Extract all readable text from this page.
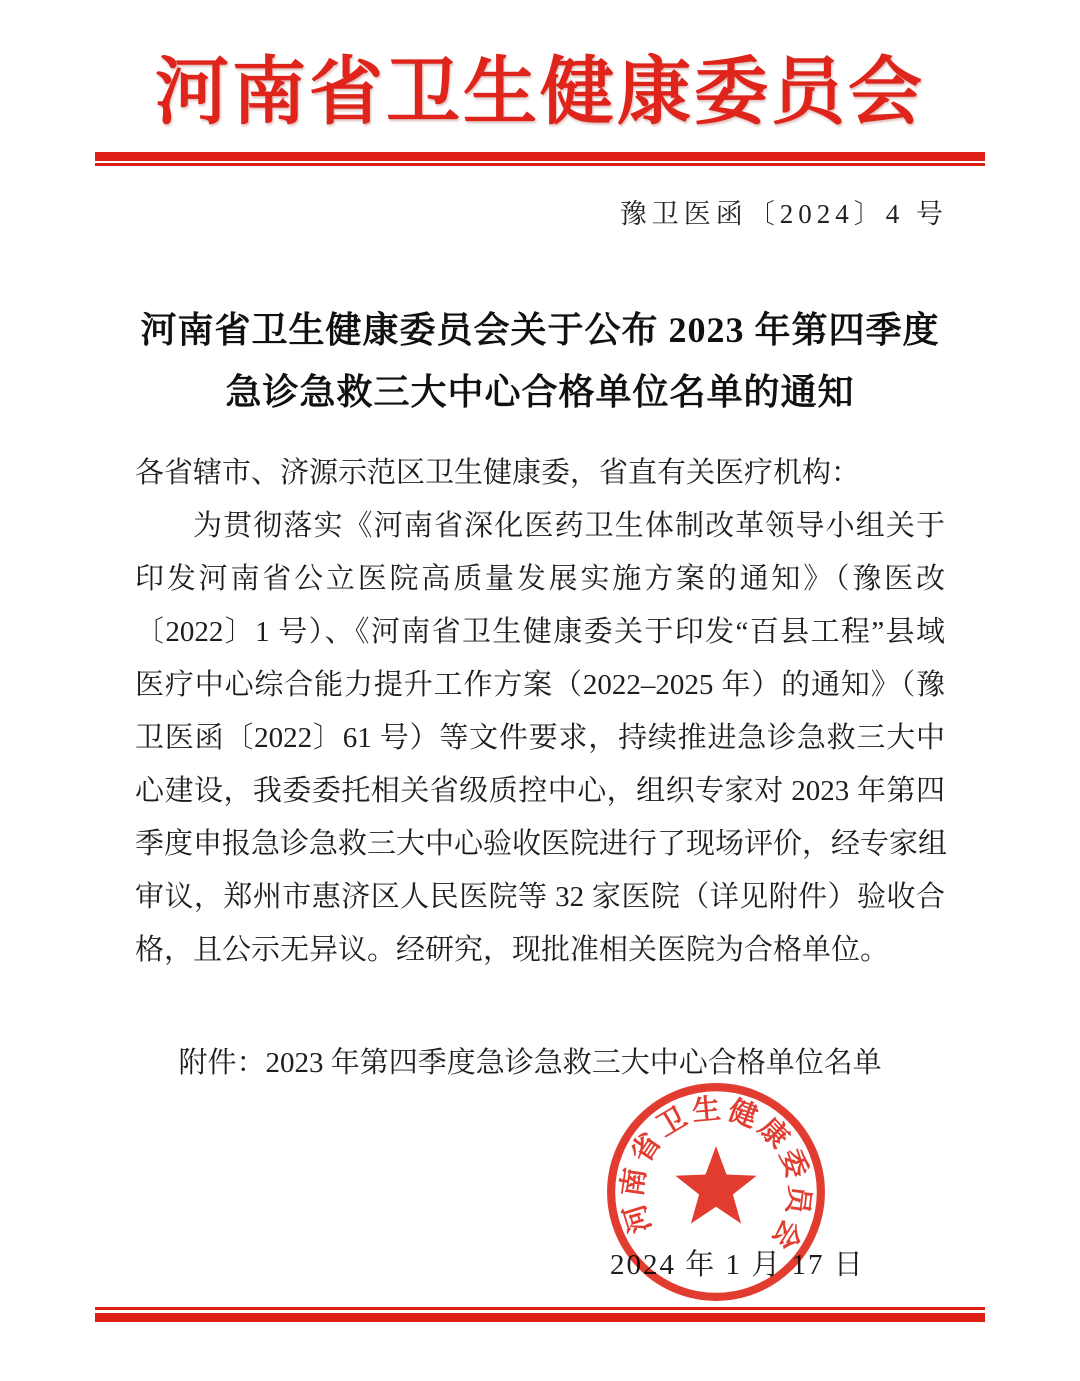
河南省卫生健康委员会
豫卫医函〔2024〕4 号
河南省卫生健康委员会关于公布 2023 年第四季度
急诊急救三大中心合格单位名单的通知
各省辖市、济源示范区卫生健康委，省直有关医疗机构：
为贯彻落实《河南省深化医药卫生体制改革领导小组关于
印发河南省公立医院高质量发展实施方案的通知》（豫医改
〔2022〕1 号）、《河南省卫生健康委关于印发“百县工程”县域
医疗中心综合能力提升工作方案（2022–2025 年）的通知》（豫
卫医函〔2022〕61 号）等文件要求，持续推进急诊急救三大中
心建设，我委委托相关省级质控中心，组织专家对 2023 年第四
季度申报急诊急救三大中心验收医院进行了现场评价，经专家组
审议，郑州市惠济区人民医院等 32 家医院（详见附件）验收合
格，且公示无异议。经研究，现批准相关医院为合格单位。
附件：2023 年第四季度急诊急救三大中心合格单位名单
2024 年 1 月 17 日
河南省卫生健康委员会
